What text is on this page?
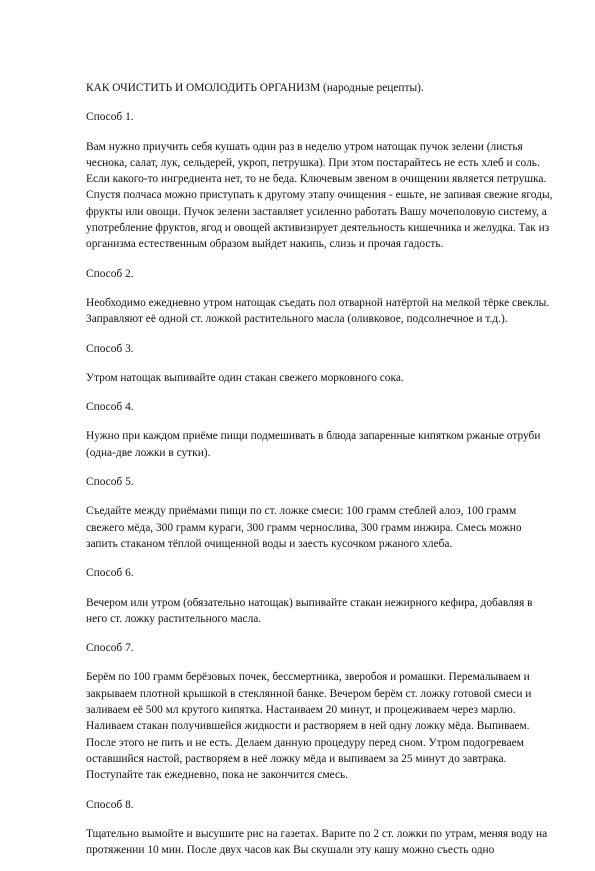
КАК ОЧИСТИТЬ И ОМОЛОДИТЬ ОРГАНИЗМ (народные рецепты).
Способ 1.
Вам нужно приучить себя кушать один раз в неделю утром натощак пучок зелени (листья чеснока, салат, лук, сельдерей, укроп, петрушка). При этом постарайтесь не есть хлеб и соль. Если какого-то ингредиента нет, то не беда. Ключевым звеном в очищении является петрушка. Спустя полчаса можно приступать к другому этапу очищения - ешьте, не запивая свежие ягоды, фрукты или овощи. Пучок зелени заставляет усиленно работать Вашу мочеполовую систему, а употребление фруктов, ягод и овощей активизирует деятельность кишечника и желудка. Так из организма естественным образом выйдет накипь, слизь и прочая гадость.
Способ 2.
Необходимо ежедневно утром натощак съедать пол отварной натёртой на мелкой тёрке свеклы. Заправляют её одной ст. ложкой растительного масла (оливковое, подсолнечное и т.д.).
Способ 3.
Утром натощак выпивайте один стакан свежего морковного сока.
Способ 4.
Нужно при каждом приёме пищи подмешивать в блюда запаренные кипятком ржаные отруби (одна-две ложки в сутки).
Способ 5.
Съедайте между приёмами пищи по ст. ложке смеси: 100 грамм стеблей алоэ, 100 грамм свежего мёда, 300 грамм кураги, 300 грамм чернослива, 300 грамм инжира. Смесь можно запить стаканом тёплой очищенной воды и заесть кусочком ржаного хлеба.
Способ 6.
Вечером или утром (обязательно натощак) выпивайте стакан нежирного кефира, добавляя в него ст. ложку растительного масла.
Способ 7.
Берём по 100 грамм берёзовых почек, бессмертника, зверобоя и ромашки. Перемалываем и закрываем плотной крышкой в стеклянной банке. Вечером берём ст. ложку готовой смеси и заливаем её 500 мл крутого кипятка. Настаиваем 20 минут, и процеживаем через марлю. Наливаем стакан получившейся жидкости и растворяем в ней одну ложку мёда. Выпиваем. После этого не пить и не есть. Делаем данную процедуру перед сном. Утром подогреваем оставшийся настой, растворяем в неё ложку мёда и выпиваем за 25 минут до завтрака. Поступайте так ежедневно, пока не закончится смесь.
Способ 8.
Тщательно вымойте и высушите рис на газетах. Варите по 2 ст. ложки по утрам, меняя воду на протяжении 10 мин. После двух часов как Вы скушали эту кашу можно съесть одно
